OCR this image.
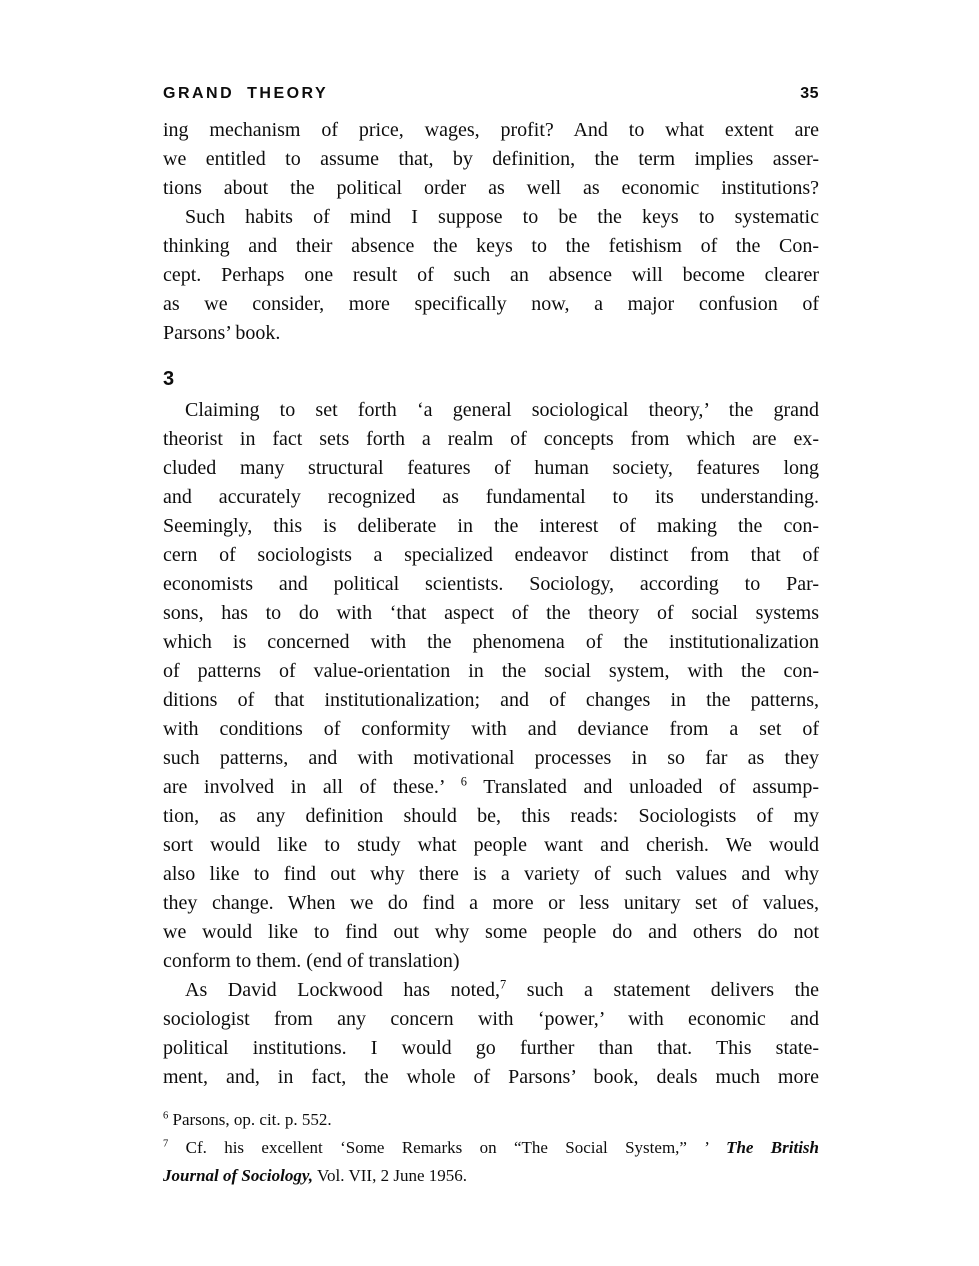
GRAND THEORY	35
ing mechanism of price, wages, profit? And to what extent are
we entitled to assume that, by definition, the term implies asser-
tions about the political order as well as economic institutions?
Such habits of mind I suppose to be the keys to systematic
thinking and their absence the keys to the fetishism of the Con-
cept. Perhaps one result of such an absence will become clearer
as we consider, more specifically now, a major confusion of
Parsons’ book.
3
Claiming to set forth ‘a general sociological theory,’ the grand
theorist in fact sets forth a realm of concepts from which are ex-
cluded many structural features of human society, features long
and accurately recognized as fundamental to its understanding.
Seemingly, this is deliberate in the interest of making the con-
cern of sociologists a specialized endeavor distinct from that of
economists and political scientists. Sociology, according to Par-
sons, has to do with ‘that aspect of the theory of social systems
which is concerned with the phenomena of the institutionalization
of patterns of value-orientation in the social system, with the con-
ditions of that institutionalization; and of changes in the patterns,
with conditions of conformity with and deviance from a set of
such patterns, and with motivational processes in so far as they
are involved in all of these.’ $^6$ Translated and unloaded of assump-
tion, as any definition should be, this reads: Sociologists of my
sort would like to study what people want and cherish. We would
also like to find out why there is a variety of such values and why
they change. When we do find a more or less unitary set of values,
we would like to find out why some people do and others do not
conform to them. (end of translation)
As David Lockwood has noted,$^7$ such a statement delivers the
sociologist from any concern with ‘power,’ with economic and
political institutions. I would go further than that. This state-
ment, and, in fact, the whole of Parsons’ book, deals much more
$^6$ Parsons, op. cit. p. 552.
$^7$ Cf. his excellent ‘Some Remarks on “The Social System,” ’ The British
Journal of Sociology, Vol. VII, 2 June 1956.
